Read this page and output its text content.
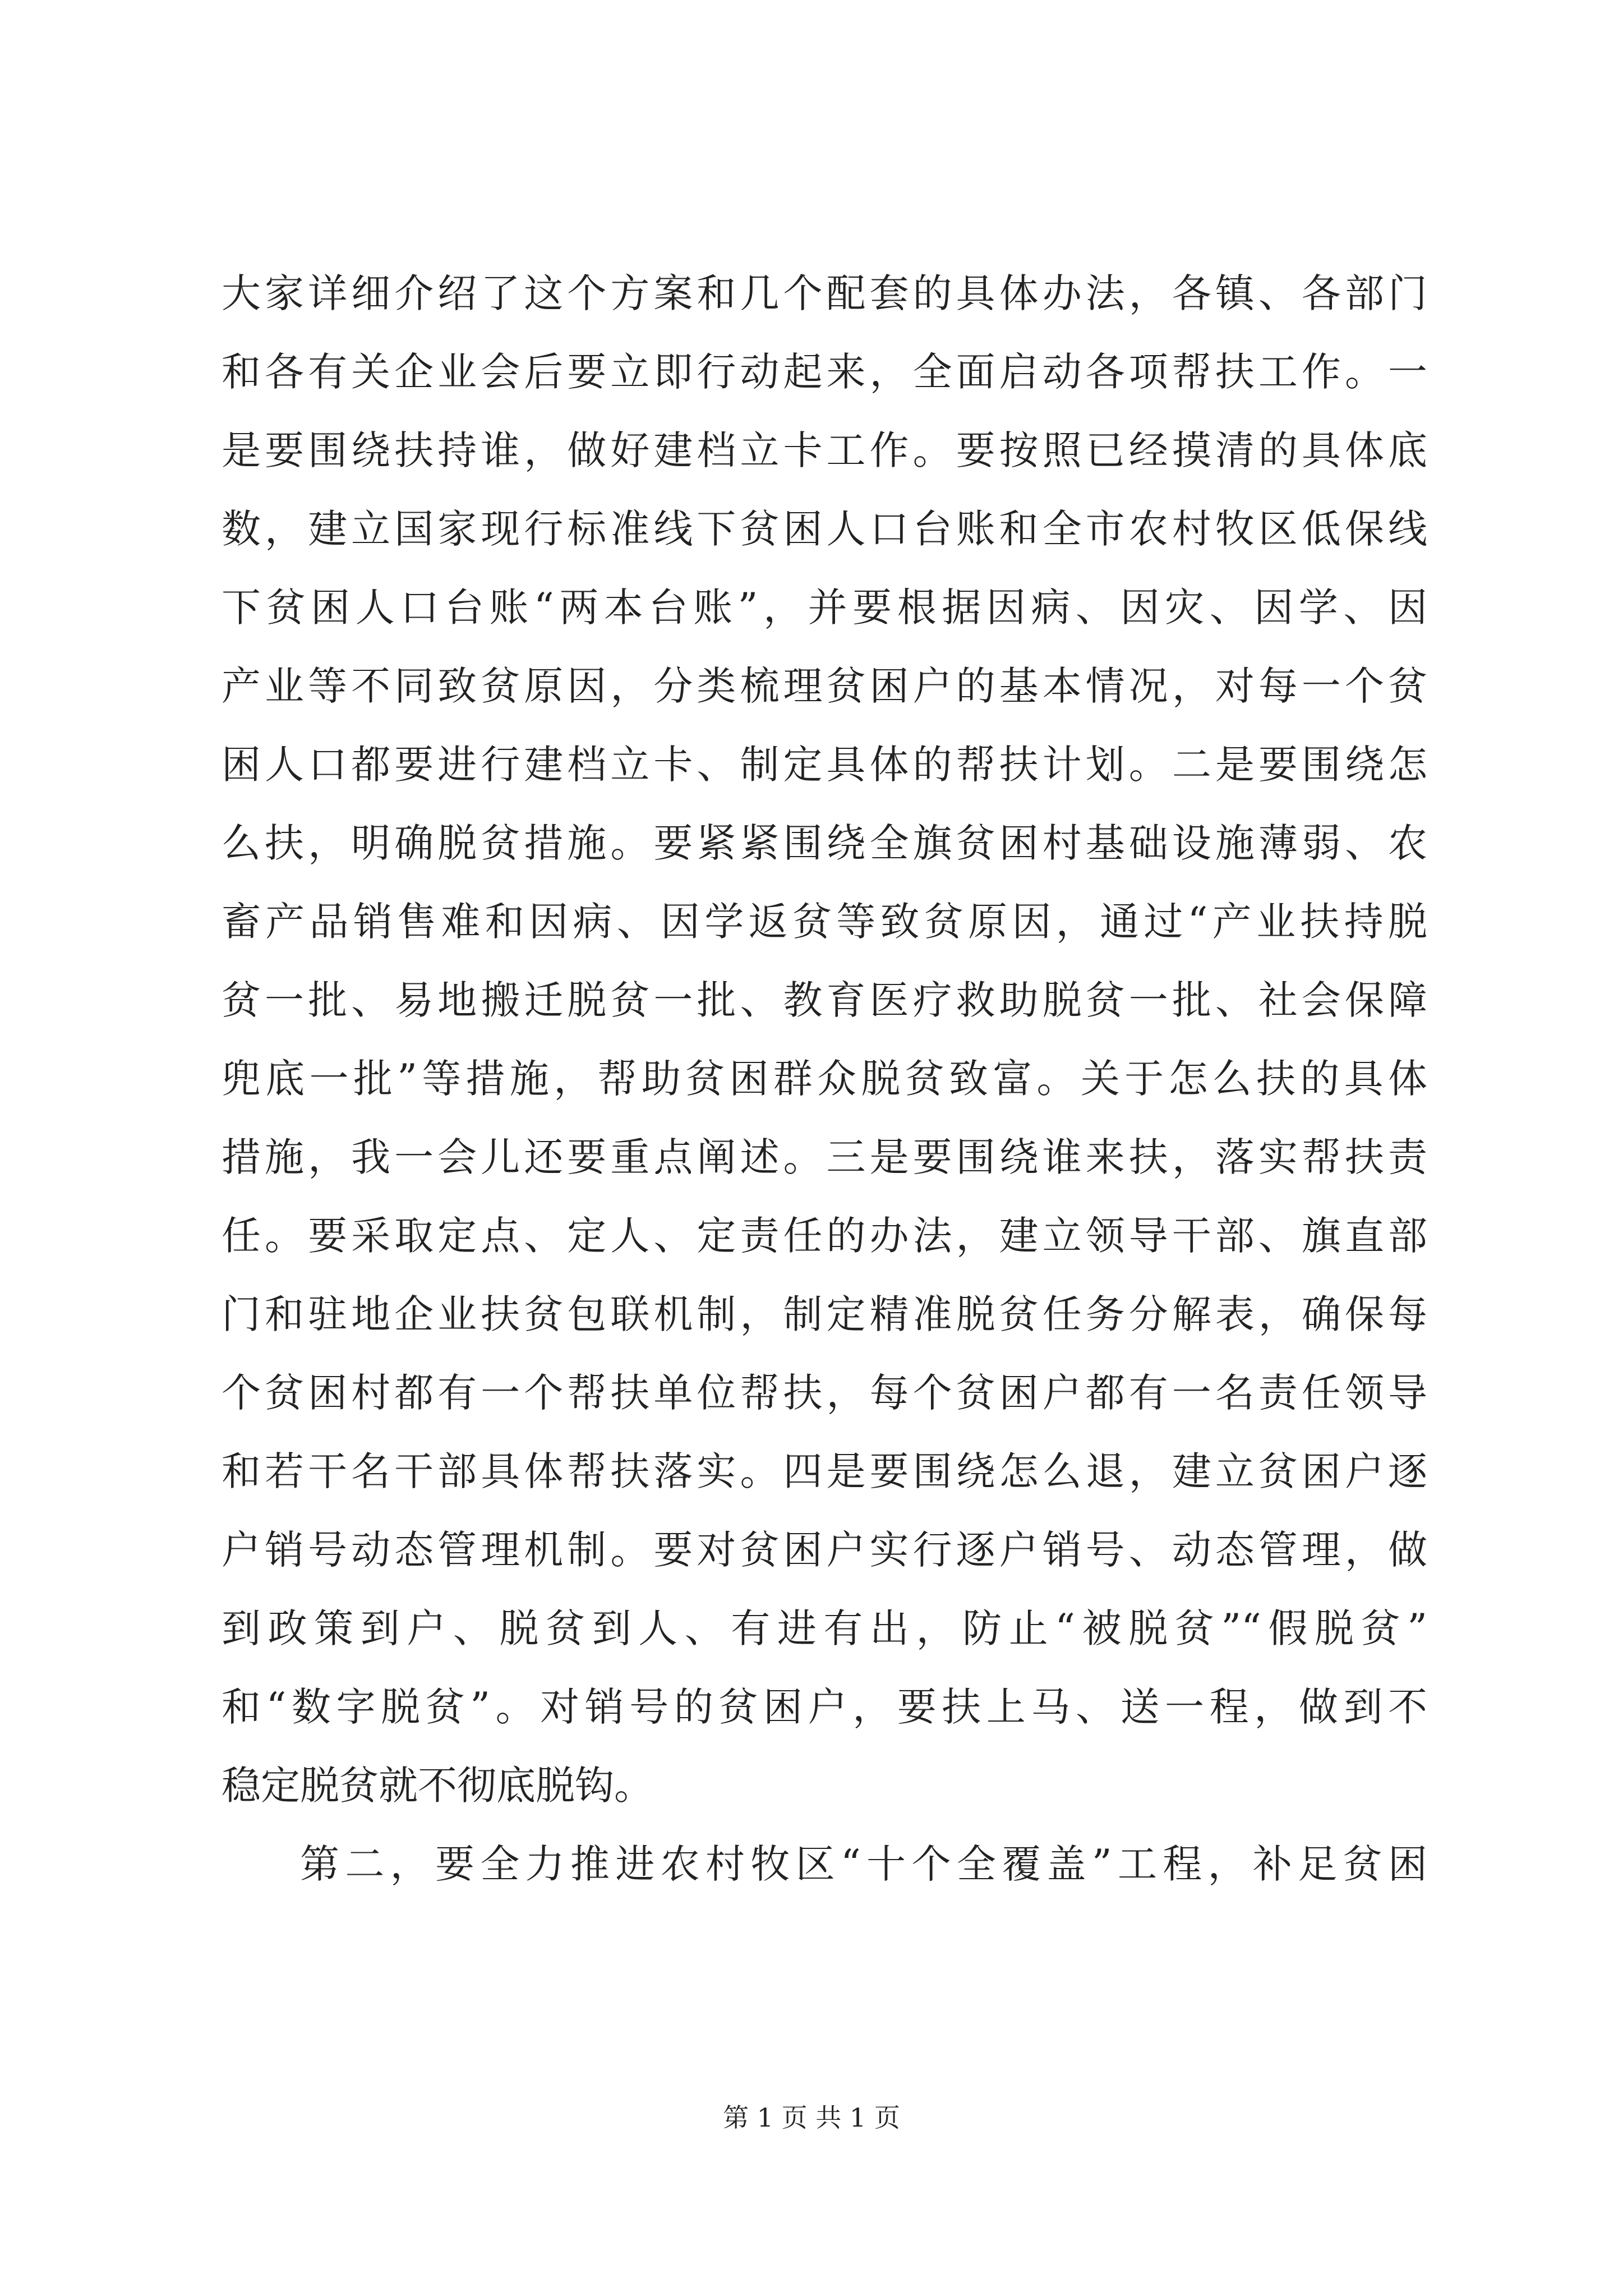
大家详细介绍了这个方案和几个配套的具体办法，各镇、各部门
和各有关企业会后要立即行动起来，全面启动各项帮扶工作。一
是要围绕扶持谁，做好建档立卡工作。要按照已经摸清的具体底
数，建立国家现行标准线下贫困人口台账和全市农村牧区低保线
下贫困人口台账“两本台账”，并要根据因病、因灾、因学、因
产业等不同致贫原因，分类梳理贫困户的基本情况，对每一个贫
困人口都要进行建档立卡、制定具体的帮扶计划。二是要围绕怎
么扶，明确脱贫措施。要紧紧围绕全旗贫困村基础设施薄弱、农
畜产品销售难和因病、因学返贫等致贫原因，通过“产业扶持脱
贫一批、易地搬迁脱贫一批、教育医疗救助脱贫一批、社会保障
兜底一批”等措施，帮助贫困群众脱贫致富。关于怎么扶的具体
措施，我一会儿还要重点阐述。三是要围绕谁来扶，落实帮扶责
任。要采取定点、定人、定责任的办法，建立领导干部、旗直部
门和驻地企业扶贫包联机制，制定精准脱贫任务分解表，确保每
个贫困村都有一个帮扶单位帮扶，每个贫困户都有一名责任领导
和若干名干部具体帮扶落实。四是要围绕怎么退，建立贫困户逐
户销号动态管理机制。要对贫困户实行逐户销号、动态管理，做
到政策到户、脱贫到人、有进有出，防止“被脱贫”“假脱贫”
和“数字脱贫”。对销号的贫困户，要扶上马、送一程，做到不
稳定脱贫就不彻底脱钩。
第二，要全力推进农村牧区“十个全覆盖”工程，补足贫困
第 1 页 共 1 页
